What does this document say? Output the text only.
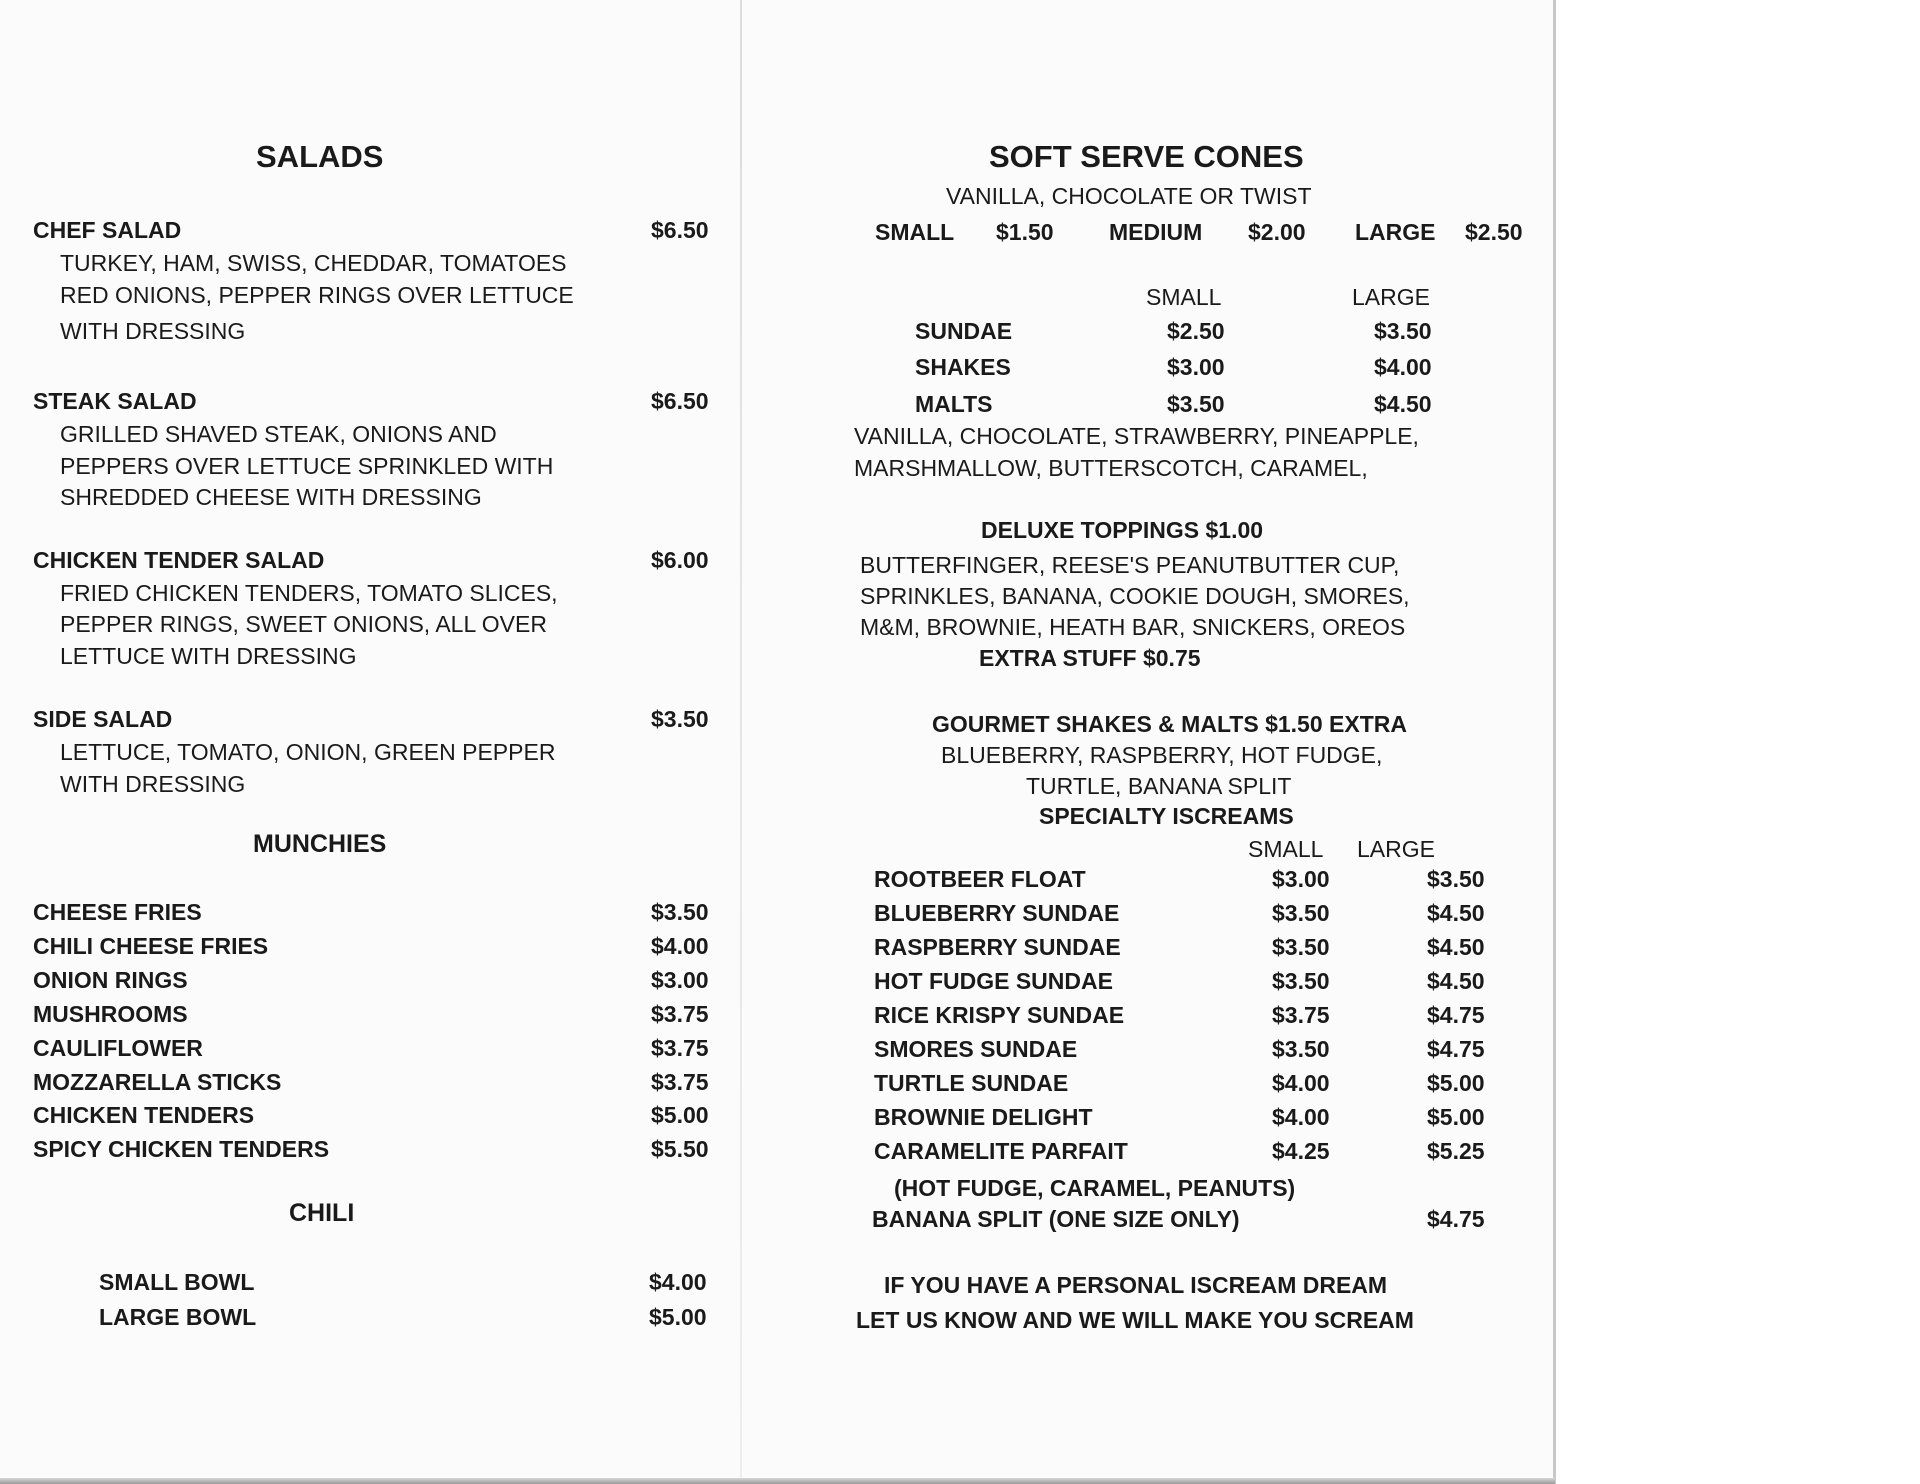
SALADS
CHEF SALAD	$6.50
TURKEY, HAM, SWISS, CHEDDAR, TOMATOES
RED ONIONS, PEPPER RINGS OVER LETTUCE
WITH DRESSING
STEAK SALAD	$6.50
GRILLED SHAVED STEAK, ONIONS AND
PEPPERS OVER LETTUCE SPRINKLED WITH
SHREDDED CHEESE WITH DRESSING
CHICKEN TENDER SALAD	$6.00
FRIED CHICKEN TENDERS, TOMATO SLICES,
PEPPER RINGS, SWEET ONIONS, ALL OVER
LETTUCE WITH DRESSING
SIDE SALAD	$3.50
LETTUCE, TOMATO, ONION, GREEN PEPPER
WITH DRESSING
MUNCHIES
CHEESE FRIES	$3.50
CHILI CHEESE FRIES	$4.00
ONION RINGS	$3.00
MUSHROOMS	$3.75
CAULIFLOWER	$3.75
MOZZARELLA STICKS	$3.75
CHICKEN TENDERS	$5.00
SPICY CHICKEN TENDERS	$5.50
CHILI
SMALL BOWL	$4.00
LARGE BOWL	$5.00
SOFT SERVE CONES
VANILLA, CHOCOLATE OR TWIST
SMALL $1.50 MEDIUM $2.00 LARGE $2.50
SMALL	LARGE
SUNDAE	$2.50	$3.50
SHAKES	$3.00	$4.00
MALTS	$3.50	$4.50
VANILLA, CHOCOLATE, STRAWBERRY, PINEAPPLE,
MARSHMALLOW, BUTTERSCOTCH, CARAMEL,
DELUXE TOPPINGS $1.00
BUTTERFINGER, REESE'S PEANUTBUTTER CUP,
SPRINKLES, BANANA, COOKIE DOUGH, SMORES,
M&M, BROWNIE, HEATH BAR, SNICKERS, OREOS
EXTRA STUFF $0.75
GOURMET SHAKES & MALTS $1.50 EXTRA
BLUEBERRY, RASPBERRY, HOT FUDGE,
TURTLE, BANANA SPLIT
SPECIALTY ISCREAMS
SMALL LARGE
ROOTBEER FLOAT	$3.00	$3.50
BLUEBERRY SUNDAE	$3.50	$4.50
RASPBERRY SUNDAE	$3.50	$4.50
HOT FUDGE SUNDAE	$3.50	$4.50
RICE KRISPY SUNDAE	$3.75	$4.75
SMORES SUNDAE	$3.50	$4.75
TURTLE SUNDAE	$4.00	$5.00
BROWNIE DELIGHT	$4.00	$5.00
CARAMELITE PARFAIT	$4.25	$5.25
(HOT FUDGE, CARAMEL, PEANUTS)
BANANA SPLIT (ONE SIZE ONLY)	$4.75
IF YOU HAVE A PERSONAL ISCREAM DREAM
LET US KNOW AND WE WILL MAKE YOU SCREAM
